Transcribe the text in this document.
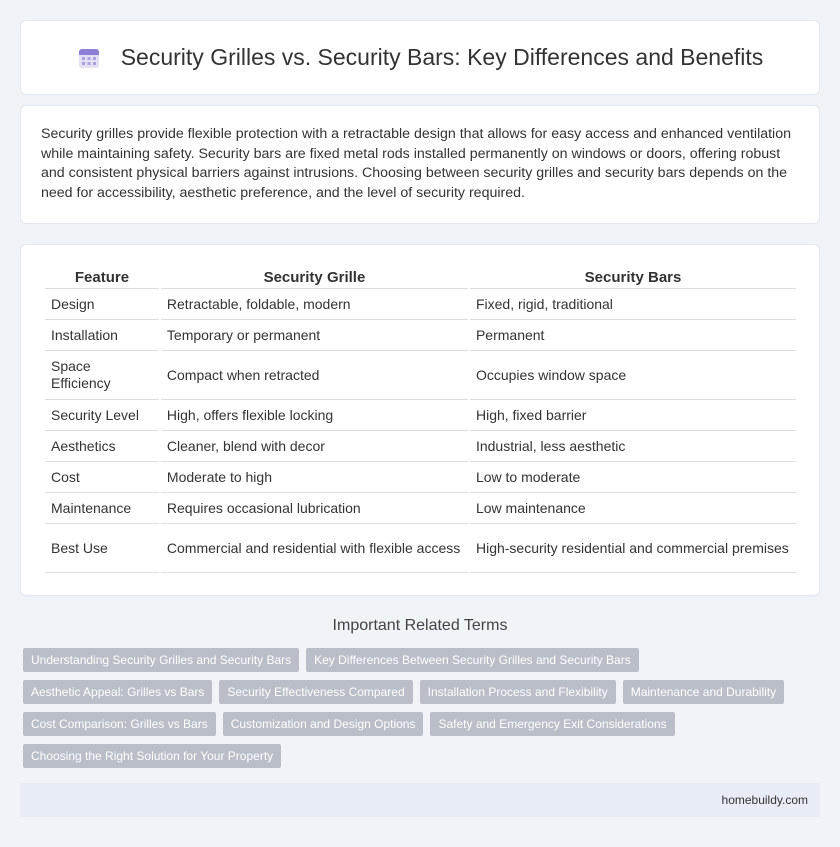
Security Grilles vs. Security Bars: Key Differences and Benefits

Security grilles provide flexible protection with a retractable design that allows for easy access and enhanced ventilation while maintaining safety. Security bars are fixed metal rods installed permanently on windows or doors, offering robust and consistent physical barriers against intrusions. Choosing between security grilles and security bars depends on the need for accessibility, aesthetic preference, and the level of security required.

Feature	Security Grille	Security Bars
Design	Retractable, foldable, modern	Fixed, rigid, traditional
Installation	Temporary or permanent	Permanent
Space Efficiency	Compact when retracted	Occupies window space
Security Level	High, offers flexible locking	High, fixed barrier
Aesthetics	Cleaner, blend with decor	Industrial, less aesthetic
Cost	Moderate to high	Low to moderate
Maintenance	Requires occasional lubrication	Low maintenance
Best Use	Commercial and residential with flexible access	High-security residential and commercial premises
Important Related Terms
Understanding Security Grilles and Security Bars	Key Differences Between Security Grilles and Security Bars
Aesthetic Appeal: Grilles vs Bars	Security Effectiveness Compared	Installation Process and Flexibility	Maintenance and Durability
Cost Comparison: Grilles vs Bars	Customization and Design Options	Safety and Emergency Exit Considerations
Choosing the Right Solution for Your Property
homebuildy.com
